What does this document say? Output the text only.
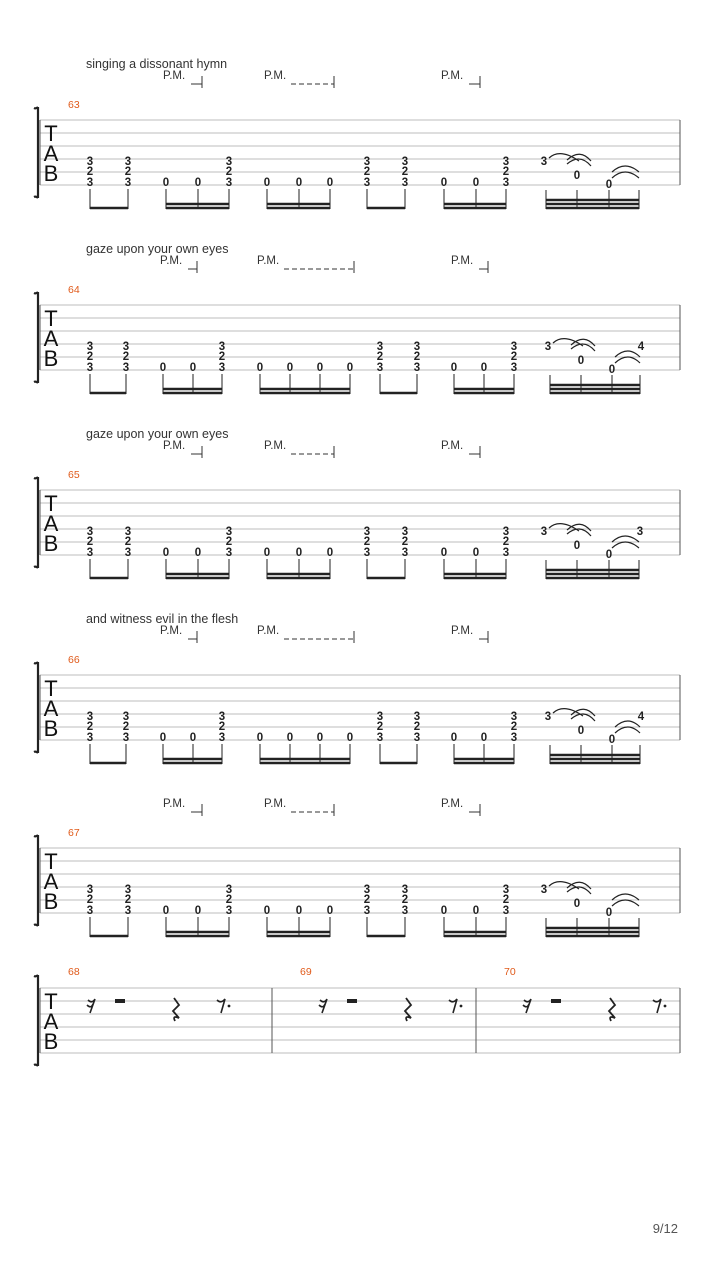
singing a dissonant hymn
63
P.M.	P.M.	P.M.
T
A
B 3
2
3
3
2
3
3
2
3
3
2
3
3
2
3
3
2
3
0 0	0 0 0	0 0
3
0
0
gaze upon your own eyes
64
P.M.	P.M.	P.M.
T
A
B 3
2
3
3
2
3
3
2
3
3
2
3
3
2
3
3
2
3
0 0	0 0 0 0	0 0
3
0
0
4
gaze upon your own eyes
65
P.M.	P.M.	P.M.
T
A
B 3
2
3
3
2
3
3
2
3
3
2
3
3
2
3
3
2
3
0 0	0 0 0	0 0
3
0
0
3
and witness evil in the flesh
66
P.M.	P.M.	P.M.
T
A
B 3
2
3
3
2
3
3
2
3
3
2
3
3
2
3
3
2
3
0 0	0 0 0 0	0 0
3
0
0
4
67
P.M.	P.M.	P.M.
T
A
B 3
2
3
3
2
3
3
2
3
3
2
3
3
2
3
3
2
3
0 0	0 0 0	0 0
3
0
0
T
A
B
68	69	70
9/12
